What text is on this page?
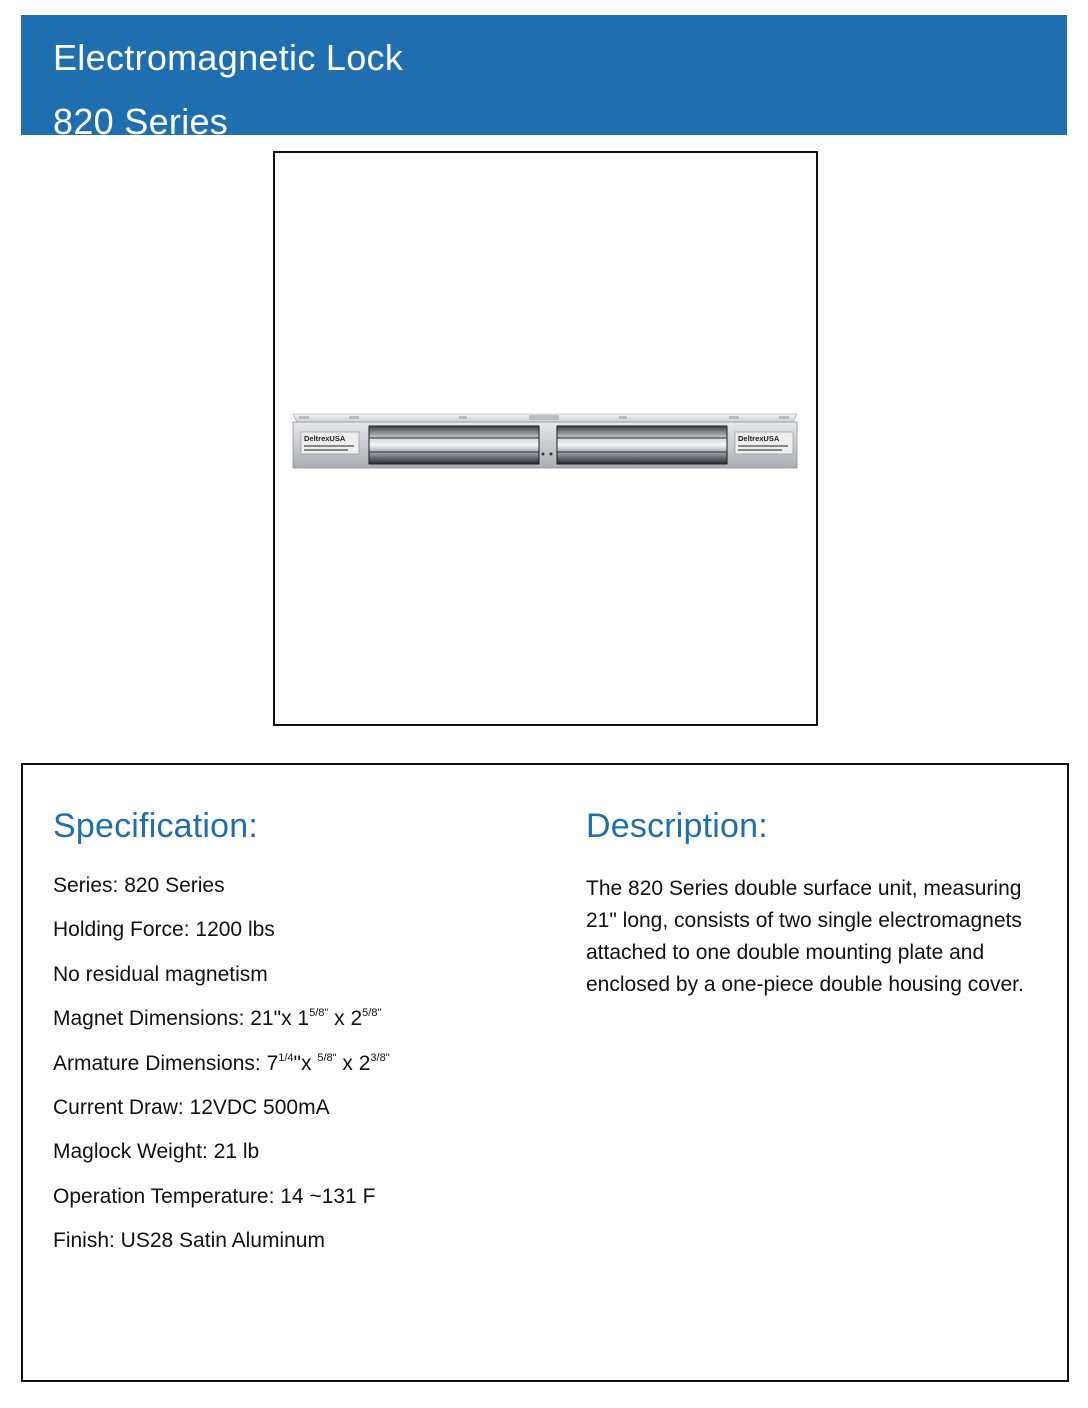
Electromagnetic Lock
820 Series
DeltrexUSA	DeltrexUSA
Specification:	Description:
Series: 820 Series
Holding Force: 1200 lbs
No residual magnetism
Magnet Dimensions: 21"x $1^{5/8"}$ x $2^{5/8"}$
Armature Dimensions: $7^{1/4}"x$ $^{5/8"}$ x $2^{3/8"}$
Current Draw: 12VDC 500mA
Maglock Weight: 21 lb
Operation Temperature: 14 ~131 F
Finish: US28 Satin Aluminum

The 820 Series double surface unit, measuring 21" long, consists of two single electromagnets attached to one double mounting plate and enclosed by a one-piece double housing cover.
